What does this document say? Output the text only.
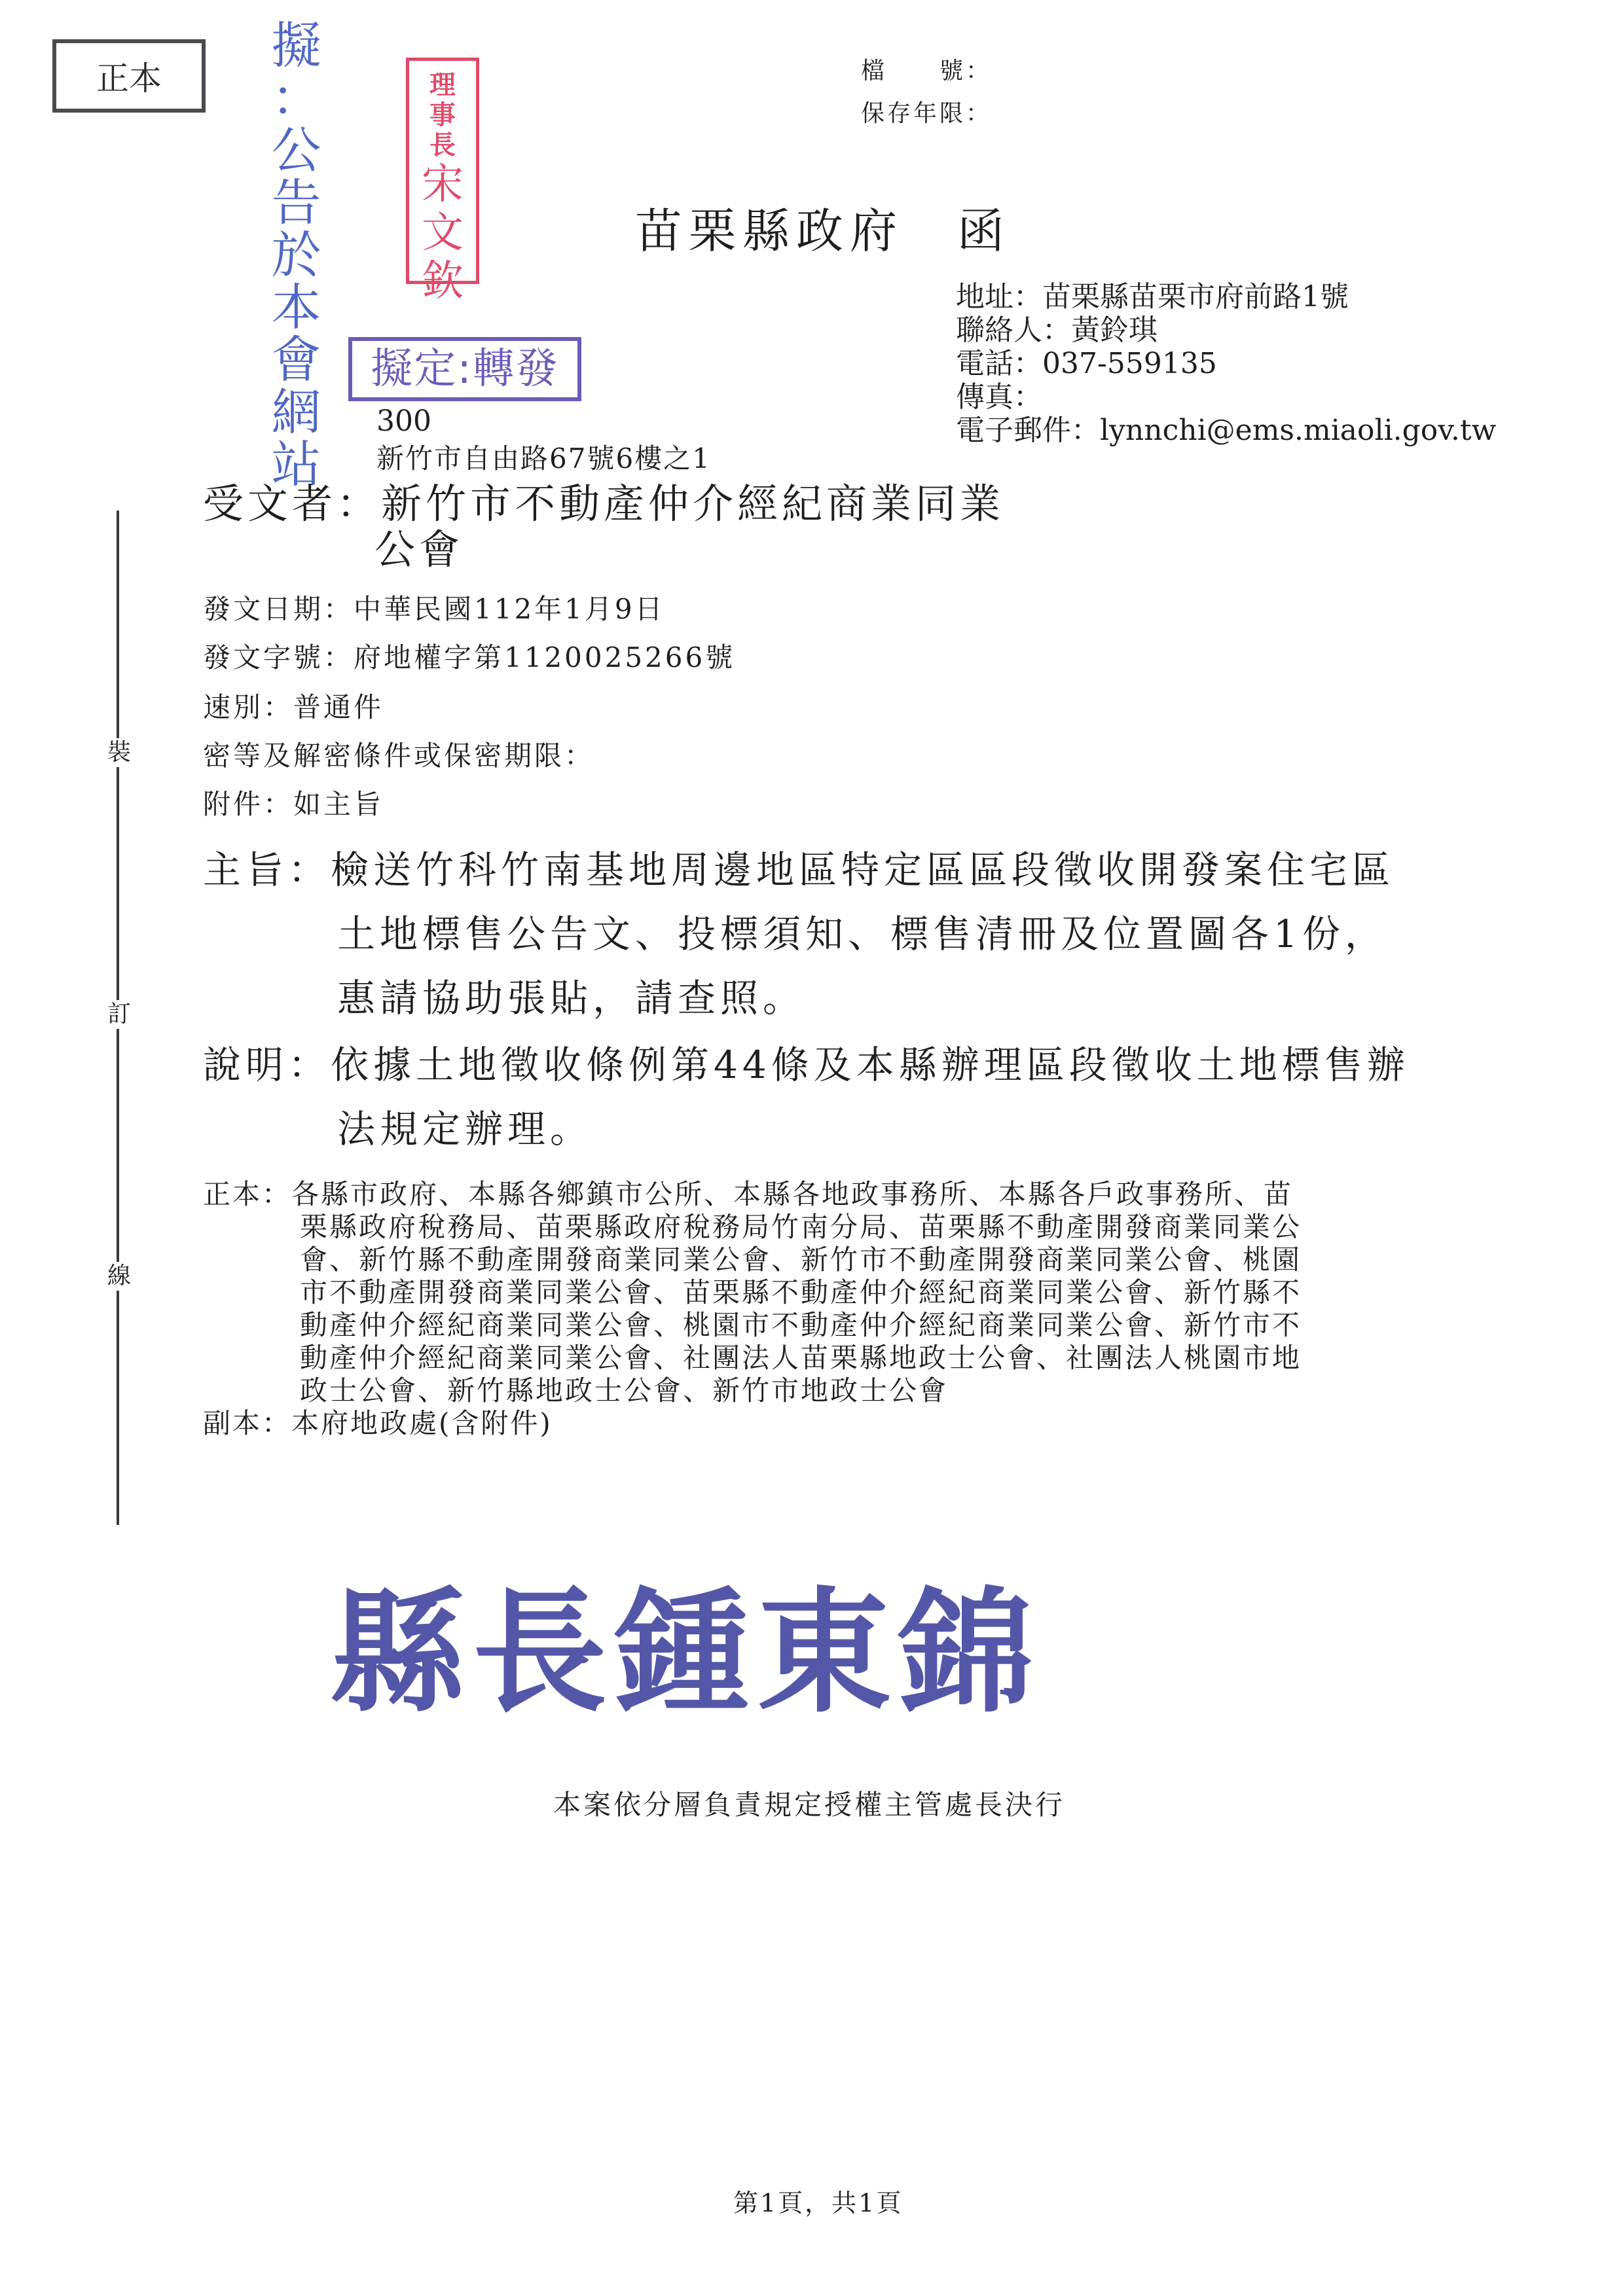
正本
擬
：
公
告
於
本
會
網
站
理
事
長
宋
文
欽
擬定:轉發
300
新竹市自由路67號6樓之1
檔　　號：
保存年限：
苗栗縣政府　函
地址：苗栗縣苗栗市府前路1號
聯絡人：黃鈴琪
電話：037-559135
傳真：
電子郵件：lynnchi@ems.miaoli.gov.tw
受文者：新竹市不動產仲介經紀商業同業
公會
發文日期：中華民國112年1月9日
發文字號：府地權字第1120025266號
速別：普通件
密等及解密條件或保密期限：
附件：如主旨
主旨：檢送竹科竹南基地周邊地區特定區區段徵收開發案住宅區
土地標售公告文、投標須知、標售清冊及位置圖各1份，
惠請協助張貼，請查照。
說明：依據土地徵收條例第44條及本縣辦理區段徵收土地標售辦
法規定辦理。
正本：各縣市政府、本縣各鄉鎮市公所、本縣各地政事務所、本縣各戶政事務所、苗
栗縣政府稅務局、苗栗縣政府稅務局竹南分局、苗栗縣不動產開發商業同業公
會、新竹縣不動產開發商業同業公會、新竹市不動產開發商業同業公會、桃園
市不動產開發商業同業公會、苗栗縣不動產仲介經紀商業同業公會、新竹縣不
動產仲介經紀商業同業公會、桃園市不動產仲介經紀商業同業公會、新竹市不
動產仲介經紀商業同業公會、社團法人苗栗縣地政士公會、社團法人桃園市地
政士公會、新竹縣地政士公會、新竹市地政士公會
副本：本府地政處(含附件)
裝
訂
線
縣長鍾東錦
本案依分層負責規定授權主管處長決行
第1頁，共1頁
